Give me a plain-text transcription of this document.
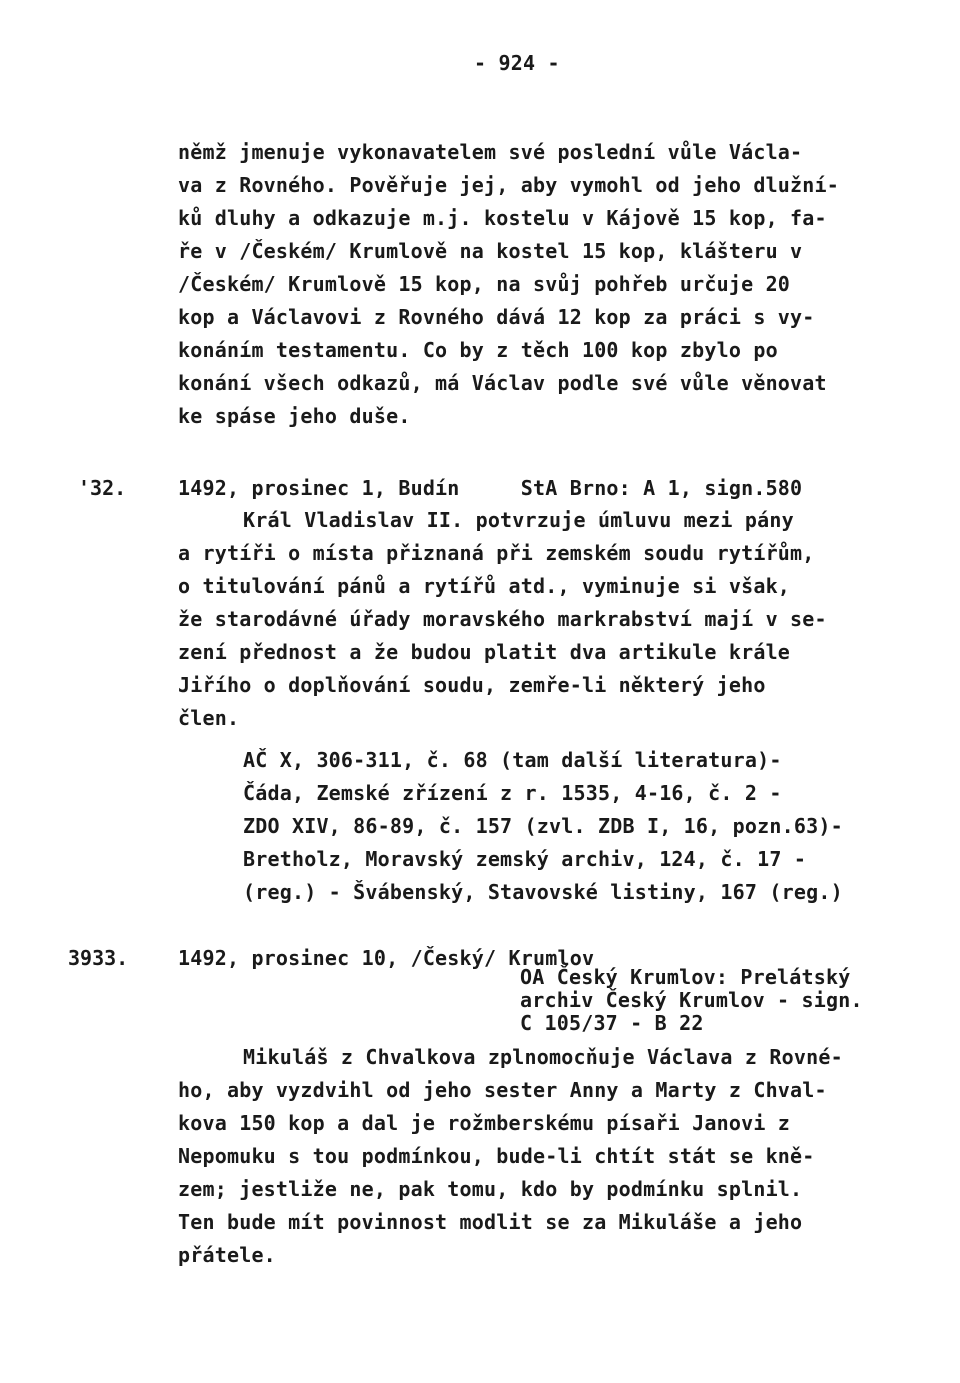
- 924 -
němž jmenuje vykonavatelem své poslední vůle Václa-
va z Rovného. Pověřuje jej, aby vymohl od jeho dlužní-
ků dluhy a odkazuje m.j. kostelu v Kájově 15 kop, fa-
ře v /Českém/ Krumlově na kostel 15 kop, klášteru v
/Českém/ Krumlově 15 kop, na svůj pohřeb určuje 20
kop a Václavovi z Rovného dává 12 kop za práci s vy-
konáním testamentu. Co by z těch 100 kop zbylo po
konání všech odkazů, má Václav podle své vůle věnovat
ke spáse jeho duše.
'32.	1492, prosinec 1, Budín     StA Brno: A 1, sign.580
Král Vladislav II. potvrzuje úmluvu mezi pány
a rytíři o místa přiznaná při zemském soudu rytířům,
o titulování pánů a rytířů atd., vyminuje si však,
že starodávné úřady moravského markrabství mají v se-
zení přednost a že budou platit dva artikule krále
Jiřího o doplňování soudu, zemře-li některý jeho
člen.
AČ X, 306-311, č. 68 (tam další literatura)-
Čáda, Zemské zřízení z r. 1535, 4-16, č. 2 -
ZDO XIV, 86-89, č. 157 (zvl. ZDB I, 16, pozn.63)-
Bretholz, Moravský zemský archiv, 124, č. 17 -
(reg.) - Švábenský, Stavovské listiny, 167 (reg.)
3933. 1492, prosinec 10, /Český/ Krumlov
OA Český Krumlov: Prelátský
archiv Český Krumlov - sign.
C 105/37 - B 22
Mikuláš z Chvalkova zplnomocňuje Václava z Rovné-
ho, aby vyzdvihl od jeho sester Anny a Marty z Chval-
kova 150 kop a dal je rožmberskému písaři Janovi z
Nepomuku s tou podmínkou, bude-li chtít stát se kně-
zem; jestliže ne, pak tomu, kdo by podmínku splnil.
Ten bude mít povinnost modlit se za Mikuláše a jeho
přátele.
